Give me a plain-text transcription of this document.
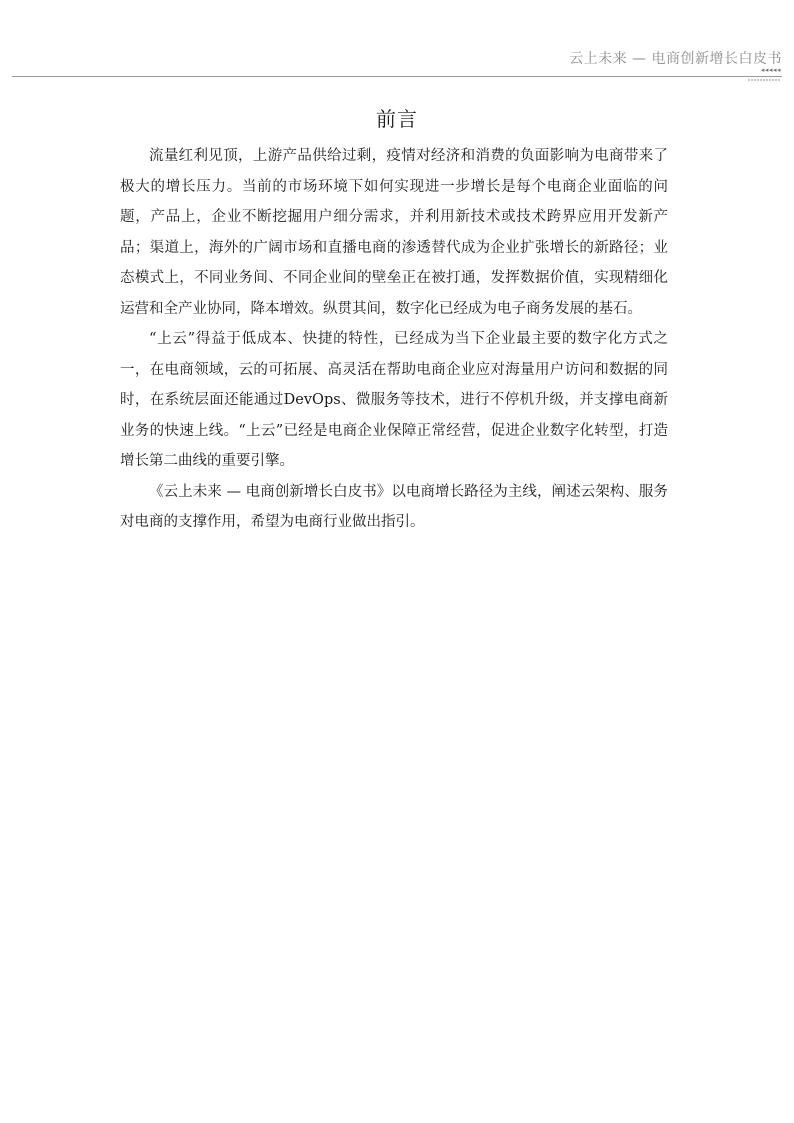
云上未来 — 电商创新增长白皮书
◂◂◂◂◂
前言

流量红利见顶，上游产品供给过剩，疫情对经济和消费的负面影响为电商带来了极大的增长压力。当前的市场环境下如何实现进一步增长是每个电商企业面临的问题，产品上，企业不断挖掘用户细分需求，并利用新技术或技术跨界应用开发新产品；渠道上，海外的广阔市场和直播电商的渗透替代成为企业扩张增长的新路径；业态模式上，不同业务间、不同企业间的壁垒正在被打通，发挥数据价值，实现精细化运营和全产业协同，降本增效。纵贯其间，数字化已经成为电子商务发展的基石。

“上云”得益于低成本、快捷的特性，已经成为当下企业最主要的数字化方式之一，在电商领域，云的可拓展、高灵活在帮助电商企业应对海量用户访问和数据的同时，在系统层面还能通过DevOps、微服务等技术，进行不停机升级，并支撑电商新业务的快速上线。“上云”已经是电商企业保障正常经营，促进企业数字化转型，打造增长第二曲线的重要引擎。

《云上未来 — 电商创新增长白皮书》以电商增长路径为主线，阐述云架构、服务对电商的支撑作用，希望为电商行业做出指引。
